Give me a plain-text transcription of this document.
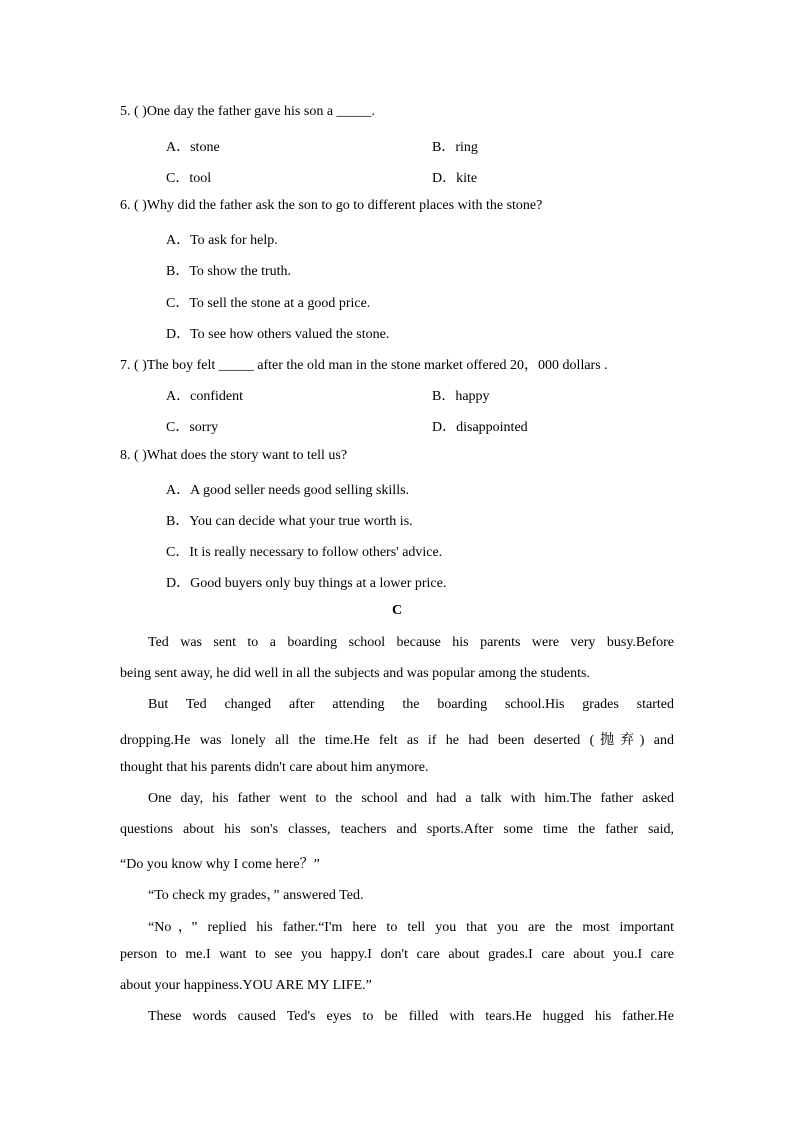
5. ( )One day the father gave his son a _____.
A．stone	B．ring
C．tool	D．kite
6. ( )Why did the father ask the son to go to different places with the stone?
A．To ask for help.
B．To show the truth.
C．To sell the stone at a good price.
D．To see how others valued the stone.
7. ( )The boy felt _____ after the old man in the stone market offered 20，000 dollars .
A．confident	B．happy
C．sorry	D．disappointed
8. ( )What does the story want to tell us?
A．A good seller needs good selling skills.
B．You can decide what your true worth is.
C．It is really necessary to follow others' advice.
D．Good buyers only buy things at a lower price.
C
Ted was sent to a boarding school because his parents were very busy.Before
being sent away, he did well in all the subjects and was popular among the students.
But Ted changed after attending the boarding school.His grades started
dropping.He was lonely all the time.He felt as if he had been deserted (抛弃) and
thought that his parents didn't care about him anymore.
One day, his father went to the school and had a talk with him.The father asked
questions about his son's classes, teachers and sports.After some time the father said,
“Do you know why I come here？”
“To check my grades，” answered Ted.
“No，” replied his father.“I'm here to tell you that you are the most important
person to me.I want to see you happy.I don't care about grades.I care about you.I care
about your happiness.YOU ARE MY LIFE.”
These words caused Ted's eyes to be filled with tears.He hugged his father.He
